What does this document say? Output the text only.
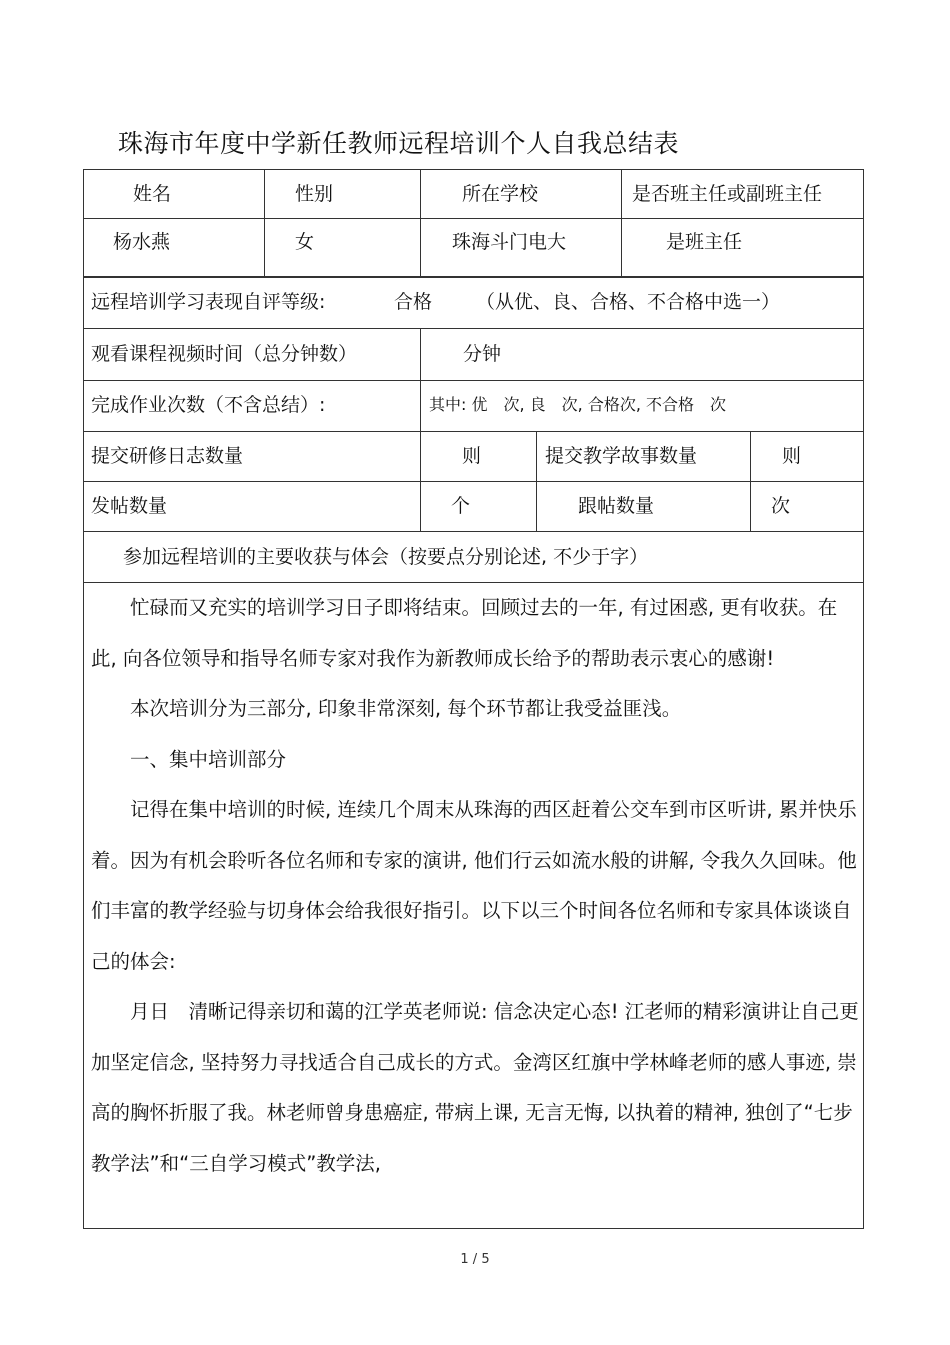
珠海市年度中学新任教师远程培训个人自我总结表
姓名	性别	所在学校	是否班主任或副班主任
杨水燕	女	珠海斗门电大	是班主任
远程培训学习表现自评等级:	合格 （从优、良、合格、不合格中选一）
观看课程视频时间（总分钟数）	分钟
完成作业次数（不含总结）:	其中: 优　次, 良　次, 合格次, 不合格　次
提交研修日志数量	则	提交教学故事数量	则
发帖数量	个	跟帖数量	次
参加远程培训的主要收获与体会（按要点分别论述, 不少于字）

忙碌而又充实的培训学习日子即将结束。回顾过去的一年, 有过困惑, 更有收获。在此, 向各位领导和指导名师专家对我作为新教师成长给予的帮助表示衷心的感谢!

本次培训分为三部分, 印象非常深刻, 每个环节都让我受益匪浅。

一、集中培训部分

记得在集中培训的时候, 连续几个周末从珠海的西区赶着公交车到市区听讲, 累并快乐着。因为有机会聆听各位名师和专家的演讲, 他们行云如流水般的讲解, 令我久久回味。他们丰富的教学经验与切身体会给我很好指引。以下以三个时间各位名师和专家具体谈谈自己的体会:

月日　清晰记得亲切和蔼的江学英老师说: 信念决定心态! 江老师的精彩演讲让自己更加坚定信念, 坚持努力寻找适合自己成长的方式。金湾区红旗中学林峰老师的感人事迹, 崇高的胸怀折服了我。林老师曾身患癌症, 带病上课, 无言无悔, 以执着的精神, 独创了“七步教学法”和“三自学习模式”教学法,

1 / 5
